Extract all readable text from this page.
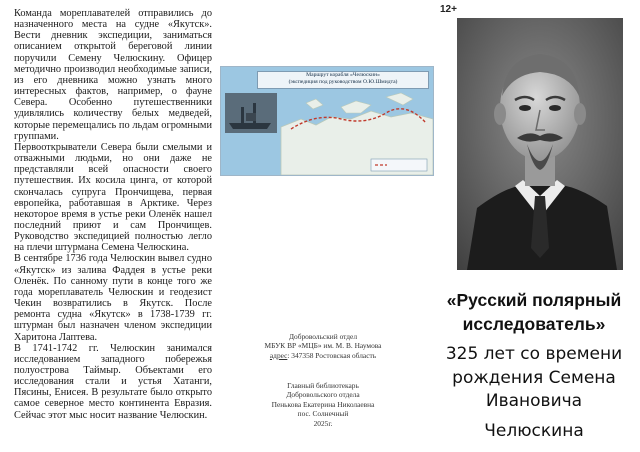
Команда мореплавателей отправились до назначенного места на судне «Якутск». Вести дневник экспедиции, заниматься описанием открытой береговой линии поручили Семену Челюскину. Офицер методично производил необходимые записи, из его дневника можно узнать много интересных фактов, например, о фауне Севера. Особенно путешественники удивлялись количеству белых медведей, которые перемещались по льдам огромными группами.

Первооткрыватели Севера были смелыми и отважными людьми, но они даже не представляли всей опасности своего путешествия. Их косила цинга, от которой скончалась супруга Прончищева, первая европейка, работавшая в Арктике. Через некоторое время в устье реки Оленёк нашел последний приют и сам Прончищев. Руководство экспедицией полностью легло на плечи штурмана Семена Челюскина.

В сентябре 1736 года Челюскин вывел судно «Якутск» из залива Фаддея в устье реки Оленёк. По санному пути в конце того же года мореплаватель Челюскин и геодезист Чекин возвратились в Якутск. После ремонта судна «Якутск» в 1738-1739 гг. штурман был назначен членом экспедиции Харитона Лаптева.

В 1741-1742 гг. Челюскин занимался исследованием западного побережья полуострова Таймыр. Объектами его исследования стали и устья Хатанги, Пясины, Енисея. В результате было открыто самое северное место континента Евразия. Сейчас этот мыс носит название Челюскин.

Маршрут корабля «Челюскин»
(экспедиция под руководством О.Ю.Шмидта)
Добровольский отдел
МБУК ВР «МЦБ» им. М. В. Наумова
адрес: 347358 Ростовская область
Главный библиотекарь
Добровольского отдела
Пенькова Екатерина Николаевна
пос. Солнечный
2025г.
12+
«Русский полярный
исследователь»
325 лет со времени
рождения Семена
Ивановича
Челюскина
